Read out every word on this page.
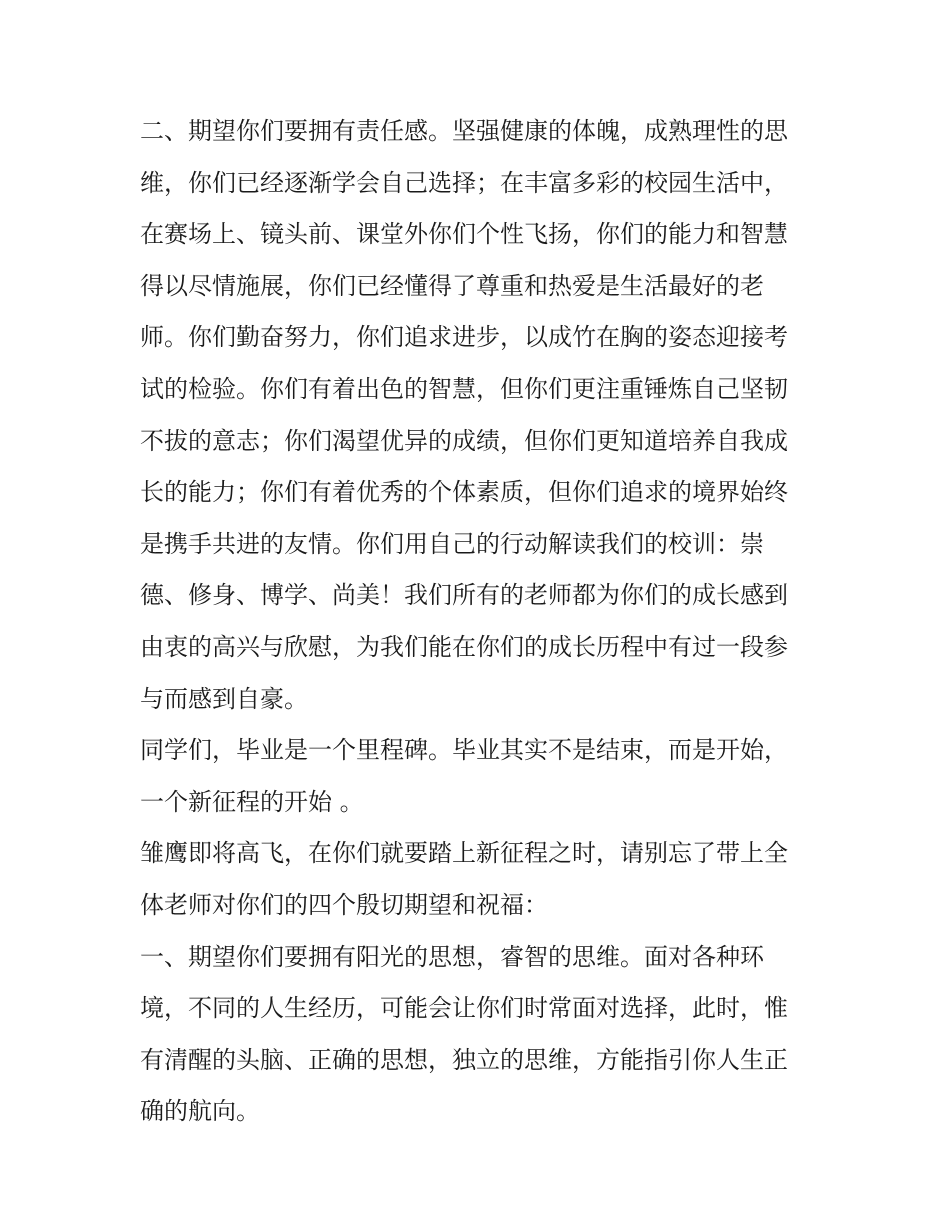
二、期望你们要拥有责任感。坚强健康的体魄，成熟理性的思
维，你们已经逐渐学会自己选择；在丰富多彩的校园生活中，
在赛场上、镜头前、课堂外你们个性飞扬，你们的能力和智慧
得以尽情施展，你们已经懂得了尊重和热爱是生活最好的老
师。你们勤奋努力，你们追求进步，以成竹在胸的姿态迎接考
试的检验。你们有着出色的智慧，但你们更注重锤炼自己坚韧
不拔的意志；你们渴望优异的成绩，但你们更知道培养自我成
长的能力；你们有着优秀的个体素质，但你们追求的境界始终
是携手共进的友情。你们用自己的行动解读我们的校训：崇
德、修身、博学、尚美！我们所有的老师都为你们的成长感到
由衷的高兴与欣慰，为我们能在你们的成长历程中有过一段参
与而感到自豪。
同学们，毕业是一个里程碑。毕业其实不是结束，而是开始，
一个新征程的开始 。
雏鹰即将高飞，在你们就要踏上新征程之时，请别忘了带上全
体老师对你们的四个殷切期望和祝福：
一、期望你们要拥有阳光的思想，睿智的思维。面对各种环
境，不同的人生经历，可能会让你们时常面对选择，此时，惟
有清醒的头脑、正确的思想，独立的思维，方能指引你人生正
确的航向。
